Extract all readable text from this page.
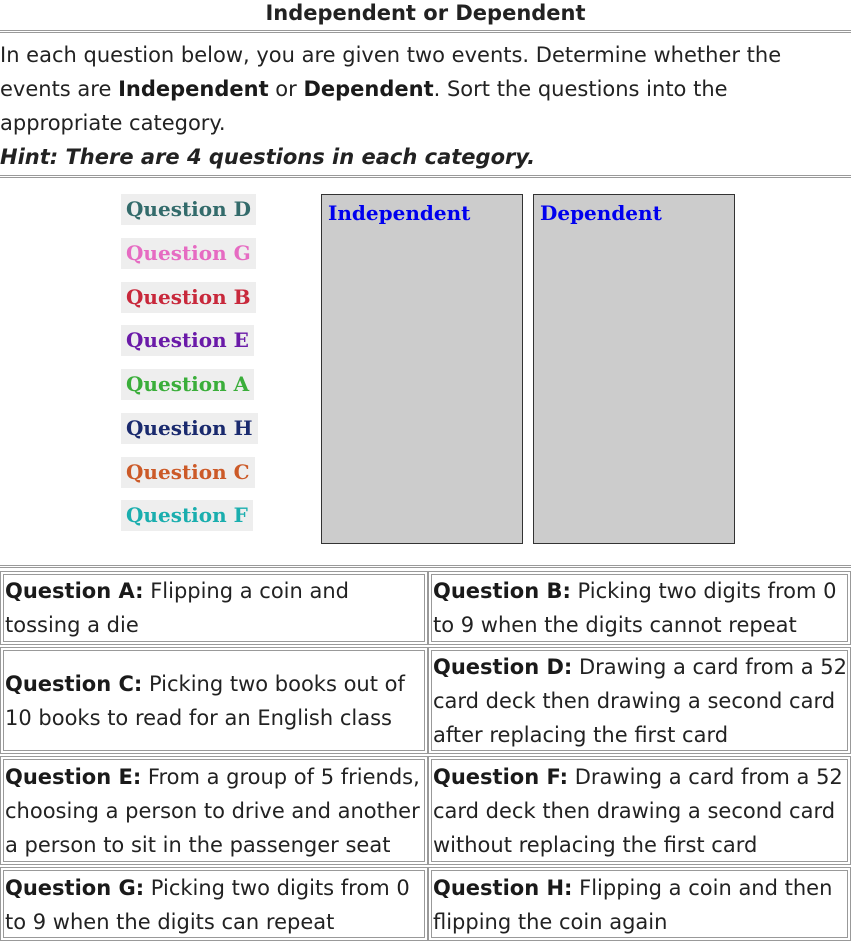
Independent or Dependent
In each question below, you are given two events. Determine whether the events are Independent or Dependent. Sort the questions into the appropriate category.
Hint: There are 4 questions in each category.
Question D
Question G
Question B
Question E
Question A
Question H
Question C
Question F
Independent	Dependent
Question A: Flipping a coin and tossing a die
Question B: Picking two digits from 0 to 9 when the digits cannot repeat
Question C: Picking two books out of 10 books to read for an English class
Question D: Drawing a card from a 52 card deck then drawing a second card after replacing the first card
Question E: From a group of 5 friends, choosing a person to drive and another a person to sit in the passenger seat
Question F: Drawing a card from a 52 card deck then drawing a second card without replacing the first card
Question G: Picking two digits from 0 to 9 when the digits can repeat
Question H: Flipping a coin and then flipping the coin again
